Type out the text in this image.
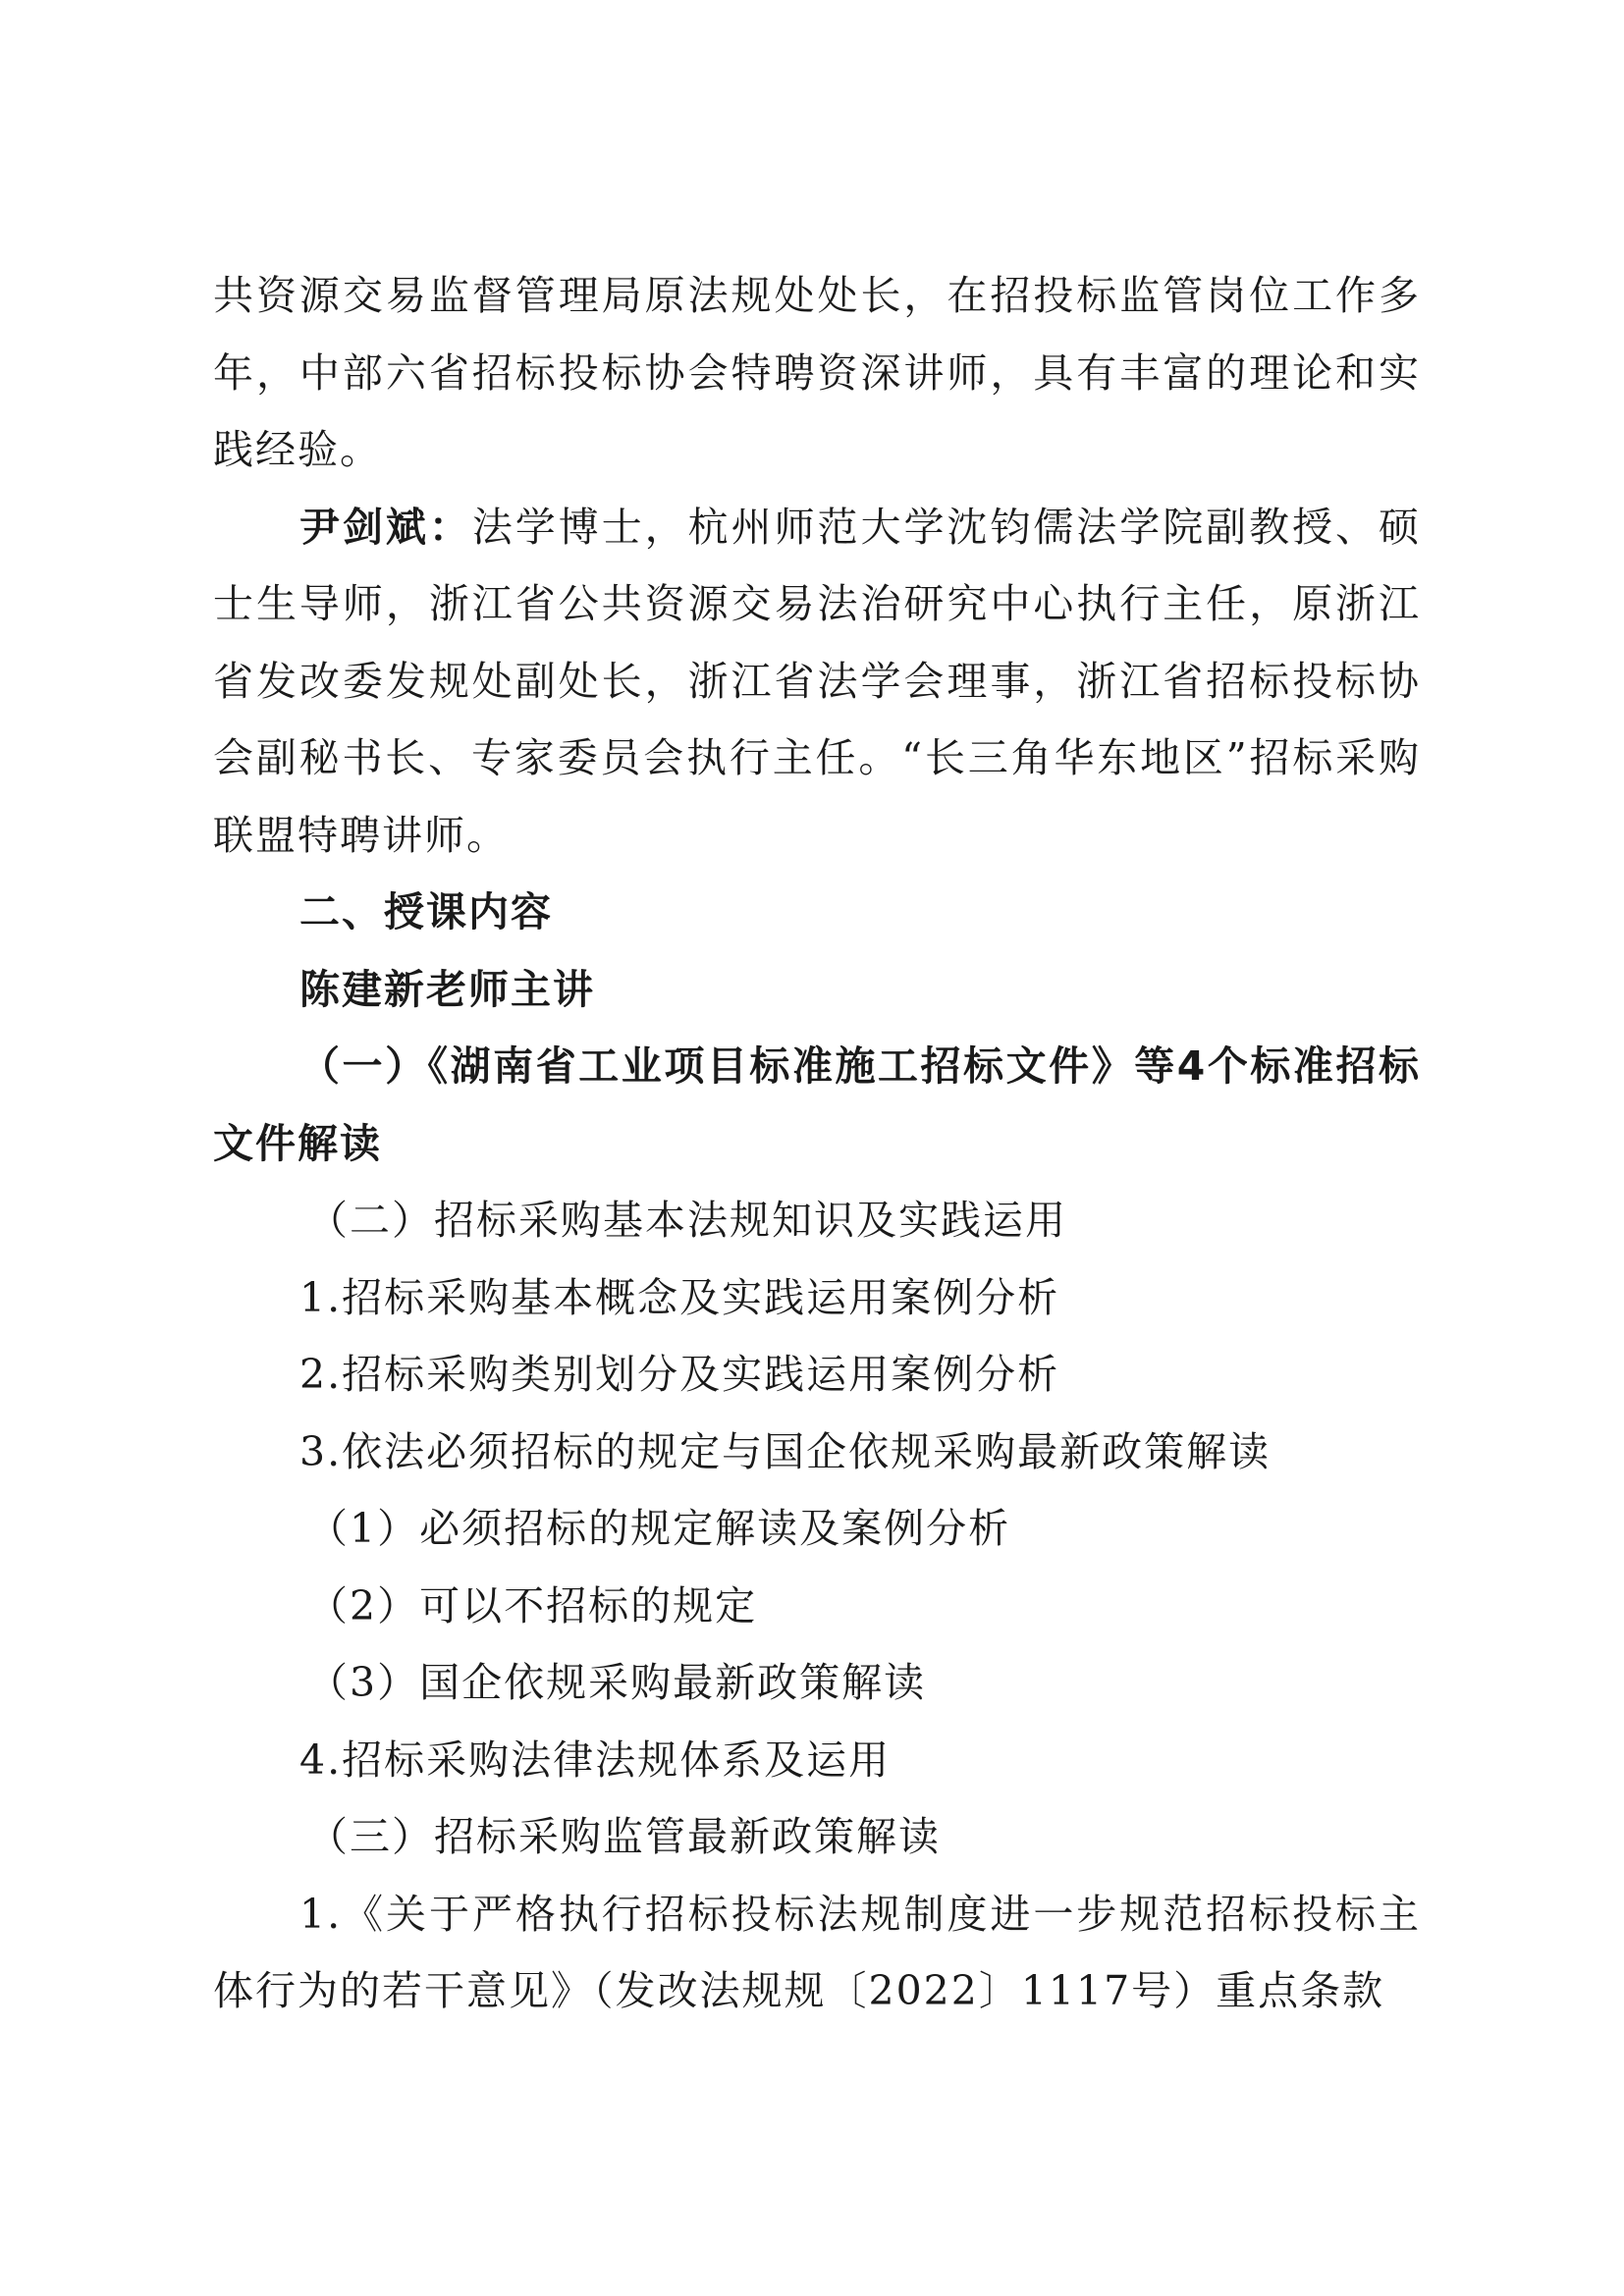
共资源交易监督管理局原法规处处长，在招投标监管岗位工作多年，中部六省招标投标协会特聘资深讲师，具有丰富的理论和实践经验。

尹剑斌：法学博士，杭州师范大学沈钧儒法学院副教授、硕士生导师，浙江省公共资源交易法治研究中心执行主任，原浙江省发改委发规处副处长，浙江省法学会理事，浙江省招标投标协会副秘书长、专家委员会执行主任。“长三角华东地区”招标采购联盟特聘讲师。

二、授课内容

陈建新老师主讲

（一）《湖南省工业项目标准施工招标文件》等4个标准招标文件解读

（二）招标采购基本法规知识及实践运用

1.招标采购基本概念及实践运用案例分析

2.招标采购类别划分及实践运用案例分析

3.依法必须招标的规定与国企依规采购最新政策解读

（1）必须招标的规定解读及案例分析

（2）可以不招标的规定

（3）国企依规采购最新政策解读

4.招标采购法律法规体系及运用

（三）招标采购监管最新政策解读

1.《关于严格执行招标投标法规制度进一步规范招标投标主体行为的若干意见》（发改法规规〔2022〕1117号）重点条款
